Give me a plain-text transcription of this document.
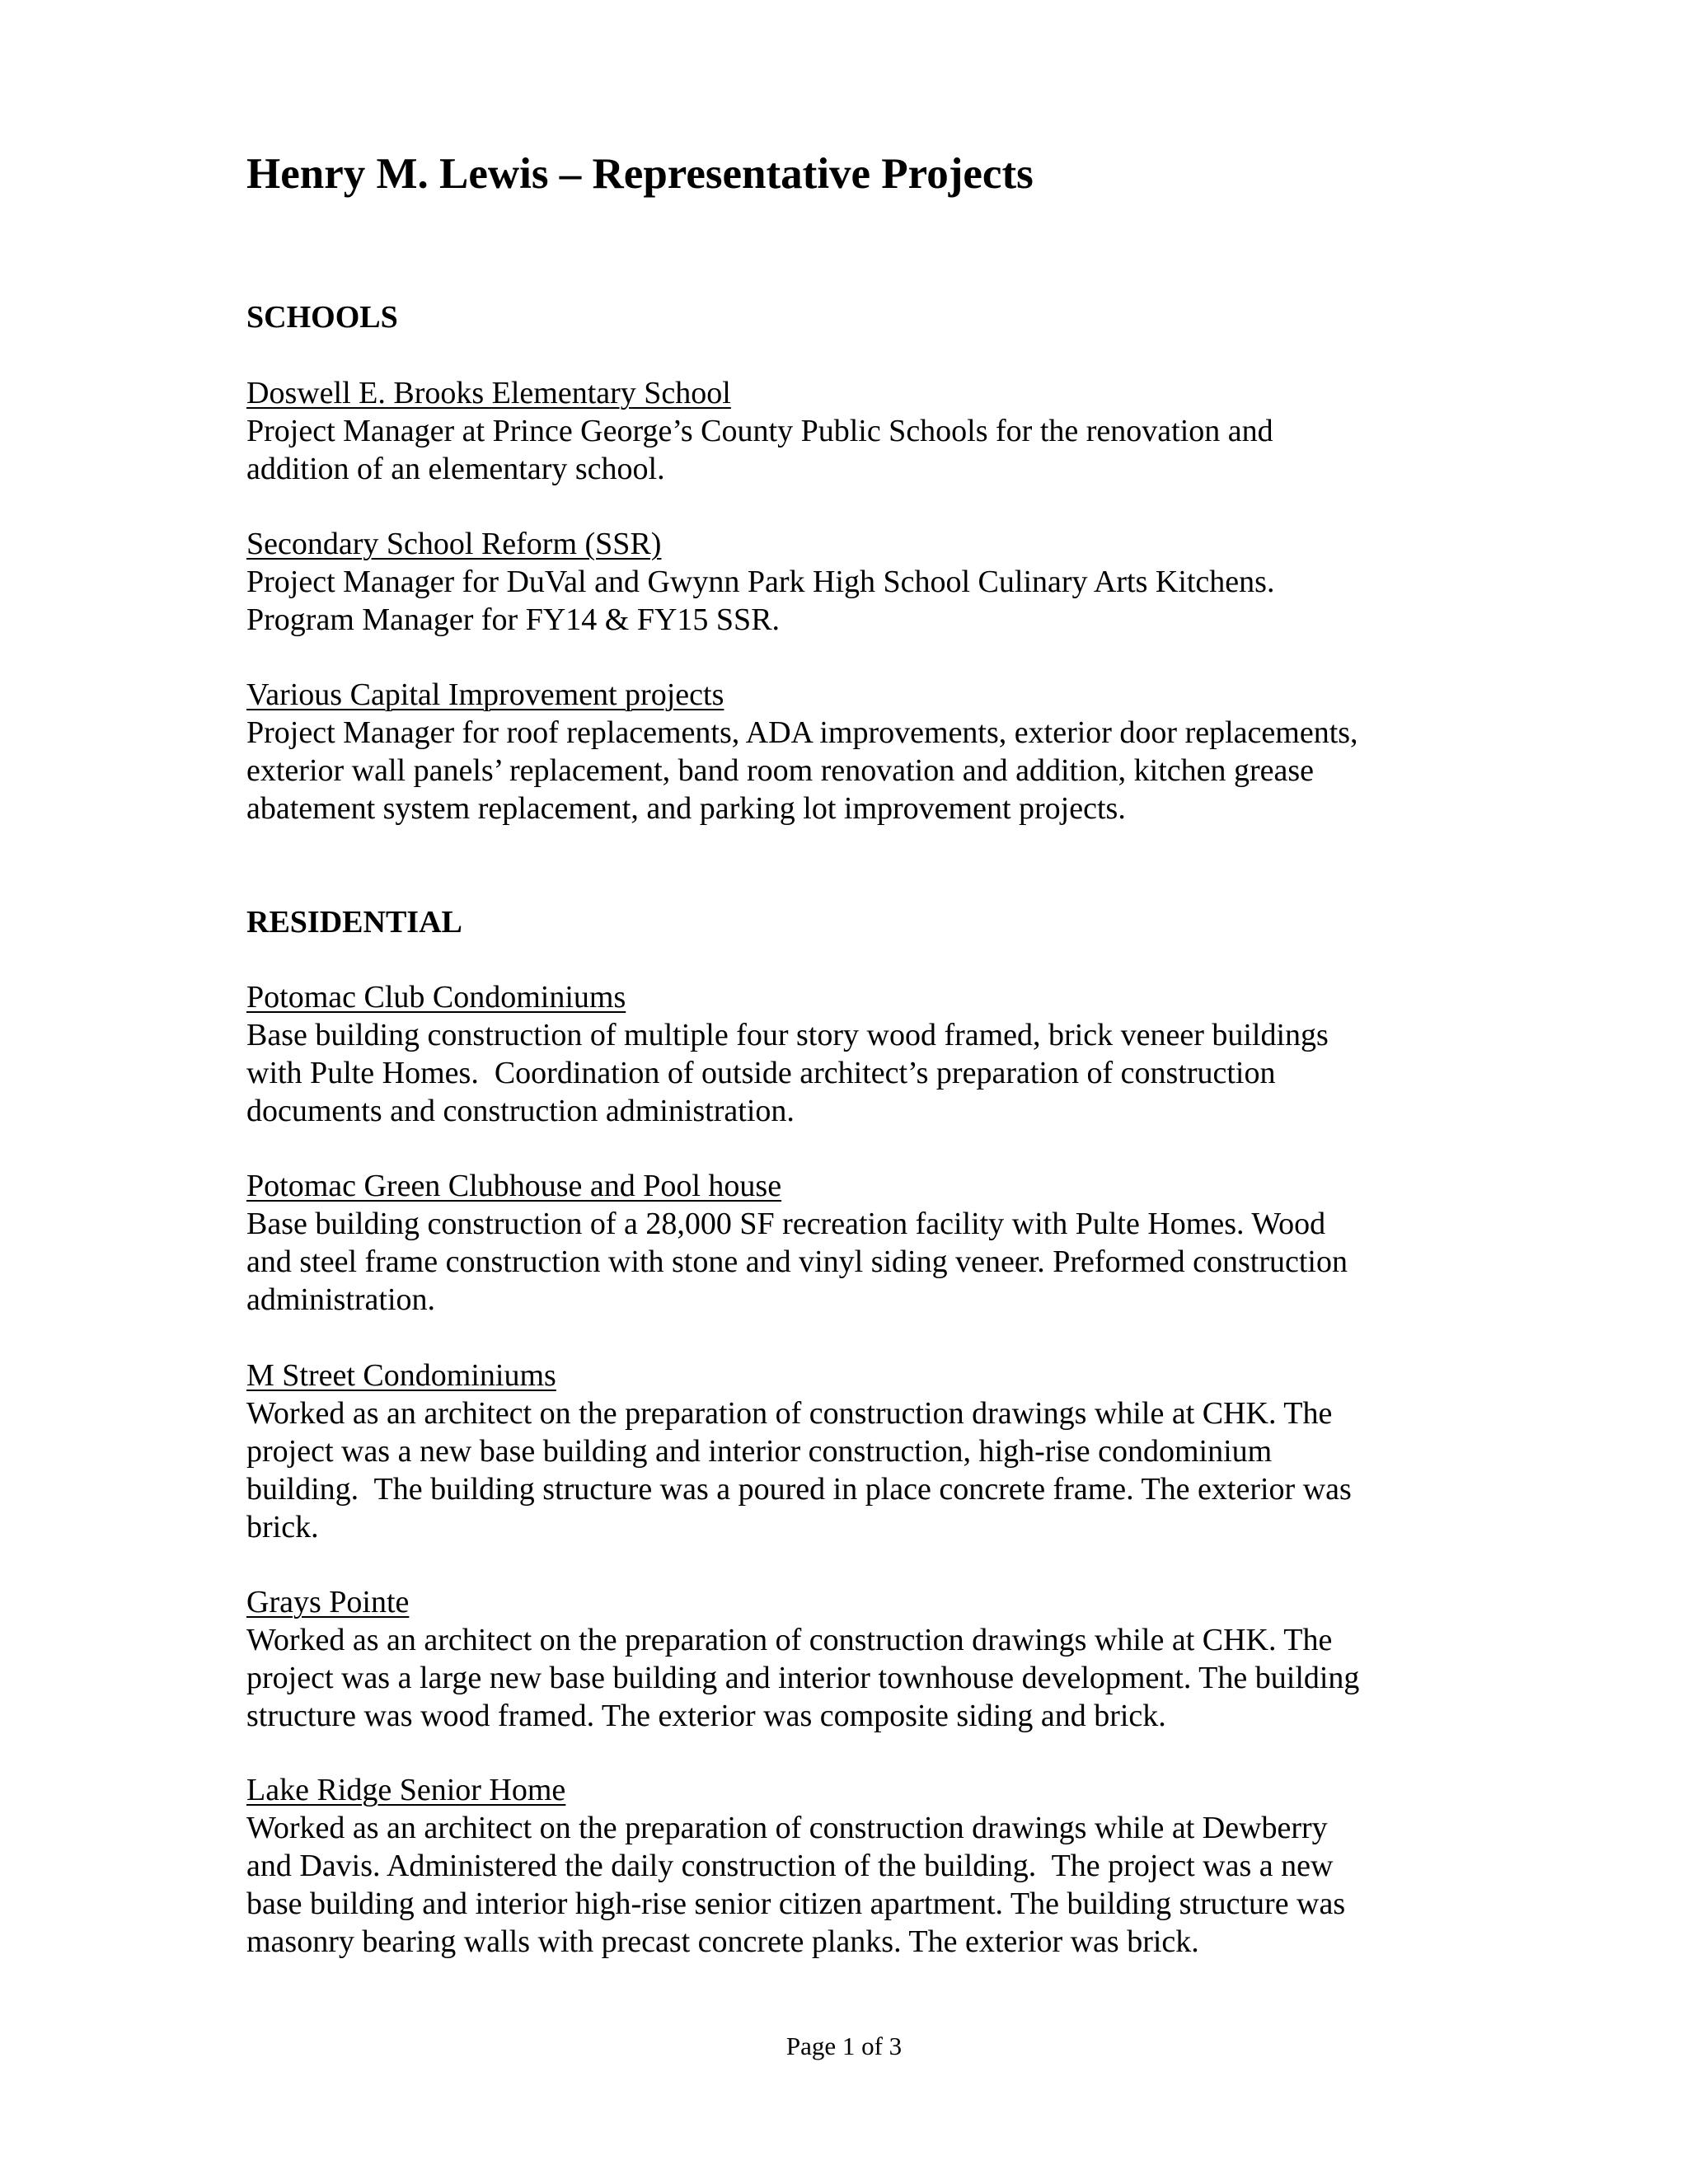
Henry M. Lewis – Representative Projects
SCHOOLS
Doswell E. Brooks Elementary School

Project Manager at Prince George’s County Public Schools for the renovation and
addition of an elementary school.

Secondary School Reform (SSR)

Project Manager for DuVal and Gwynn Park High School Culinary Arts Kitchens.
Program Manager for FY14 & FY15 SSR.

Various Capital Improvement projects

Project Manager for roof replacements, ADA improvements, exterior door replacements,
exterior wall panels’ replacement, band room renovation and addition, kitchen grease
abatement system replacement, and parking lot improvement projects.

RESIDENTIAL
Potomac Club Condominiums

Base building construction of multiple four story wood framed, brick veneer buildings
with Pulte Homes.  Coordination of outside architect’s preparation of construction
documents and construction administration.

Potomac Green Clubhouse and Pool house

Base building construction of a 28,000 SF recreation facility with Pulte Homes. Wood
and steel frame construction with stone and vinyl siding veneer. Preformed construction
administration.

M Street Condominiums

Worked as an architect on the preparation of construction drawings while at CHK. The
project was a new base building and interior construction, high-rise condominium
building.  The building structure was a poured in place concrete frame. The exterior was
brick.

Grays Pointe

Worked as an architect on the preparation of construction drawings while at CHK. The
project was a large new base building and interior townhouse development. The building
structure was wood framed. The exterior was composite siding and brick.

Lake Ridge Senior Home

Worked as an architect on the preparation of construction drawings while at Dewberry
and Davis. Administered the daily construction of the building.  The project was a new
base building and interior high-rise senior citizen apartment. The building structure was
masonry bearing walls with precast concrete planks. The exterior was brick.

Page 1 of 3
